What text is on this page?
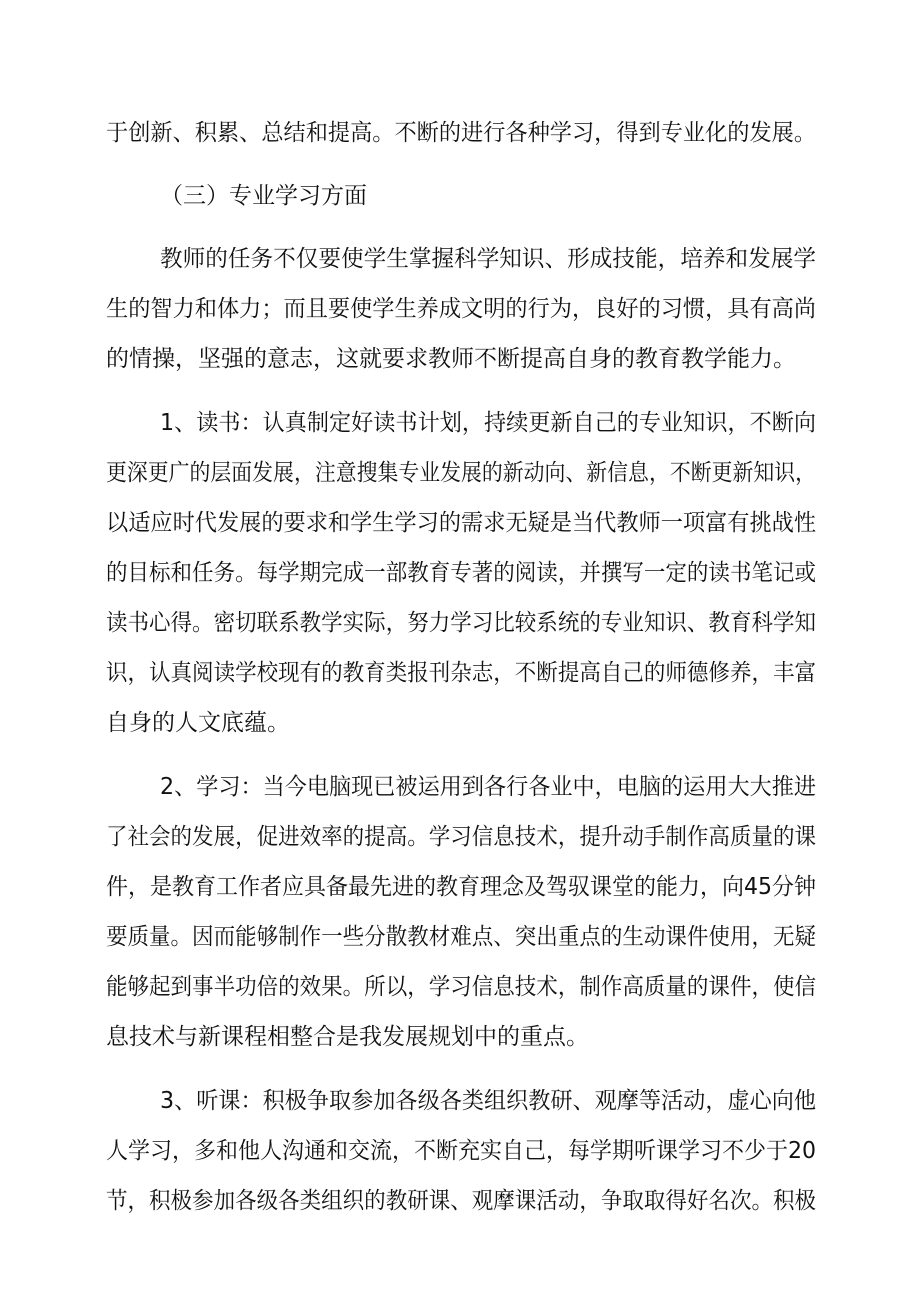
于创新、积累、总结和提高。不断的进行各种学习，得到专业化的发展。
（三）专业学习方面
教师的任务不仅要使学生掌握科学知识、形成技能，培养和发展学
生的智力和体力；而且要使学生养成文明的行为，良好的习惯，具有高尚
的情操，坚强的意志，这就要求教师不断提高自身的教育教学能力。
1、读书：认真制定好读书计划，持续更新自己的专业知识，不断向
更深更广的层面发展，注意搜集专业发展的新动向、新信息，不断更新知识，
以适应时代发展的要求和学生学习的需求无疑是当代教师一项富有挑战性
的目标和任务。每学期完成一部教育专著的阅读，并撰写一定的读书笔记或
读书心得。密切联系教学实际，努力学习比较系统的专业知识、教育科学知
识，认真阅读学校现有的教育类报刊杂志，不断提高自己的师德修养，丰富
自身的人文底蕴。
2、学习：当今电脑现已被运用到各行各业中，电脑的运用大大推进
了社会的发展，促进效率的提高。学习信息技术，提升动手制作高质量的课
件，是教育工作者应具备最先进的教育理念及驾驭课堂的能力，向45分钟
要质量。因而能够制作一些分散教材难点、突出重点的生动课件使用，无疑
能够起到事半功倍的效果。所以，学习信息技术，制作高质量的课件，使信
息技术与新课程相整合是我发展规划中的重点。
3、听课：积极争取参加各级各类组织教研、观摩等活动，虚心向他
人学习，多和他人沟通和交流，不断充实自己，每学期听课学习不少于20
节，积极参加各级各类组织的教研课、观摩课活动，争取取得好名次。积极
